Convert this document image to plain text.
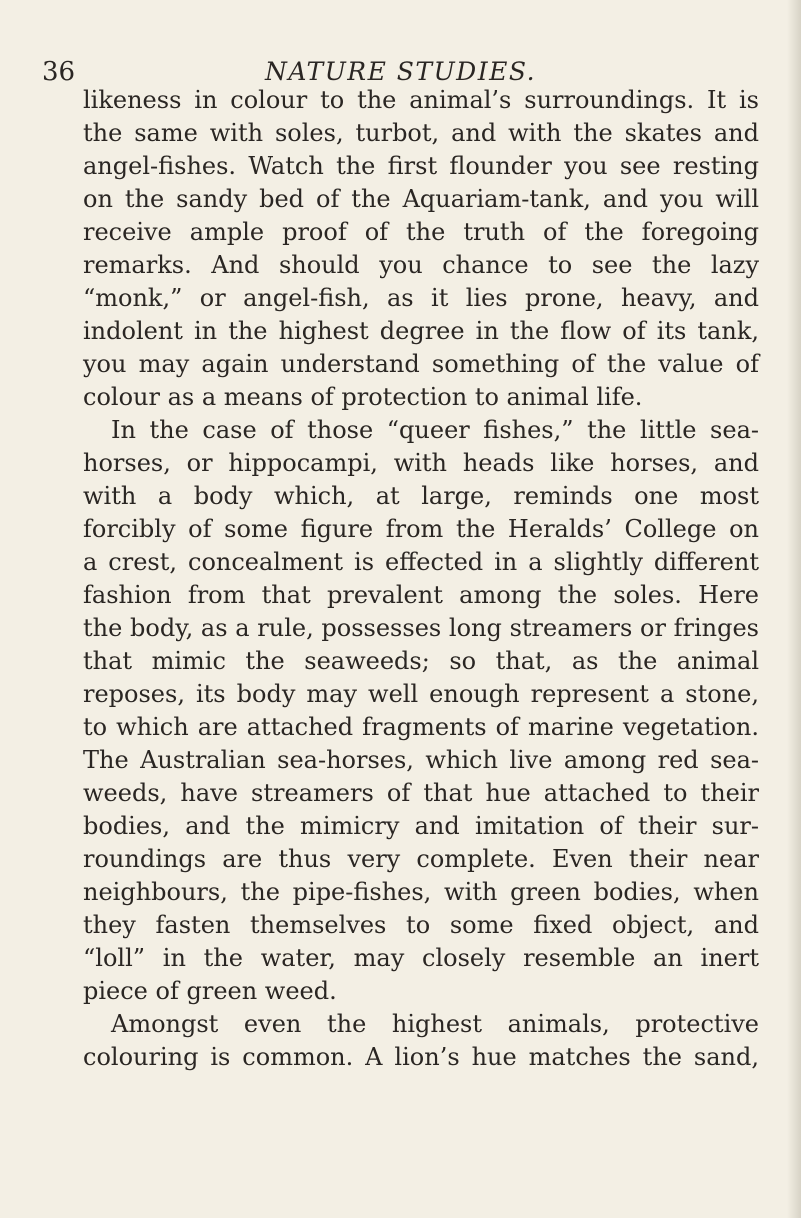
36	NATURE STUDIES.
likeness in colour to the animal’s surroundings. It is
the same with soles, turbot, and with the skates and
angel-fishes. Watch the first flounder you see resting
on the sandy bed of the Aquariam-tank, and you will
receive ample proof of the truth of the foregoing
remarks. And should you chance to see the lazy
“monk,” or angel-fish, as it lies prone, heavy, and
indolent in the highest degree in the flow of its tank,
you may again understand something of the value of
colour as a means of protection to animal life.
In the case of those “queer fishes,” the little sea-
horses, or hippocampi, with heads like horses, and
with a body which, at large, reminds one most
forcibly of some figure from the Heralds’ College on
a crest, concealment is effected in a slightly different
fashion from that prevalent among the soles. Here
the body, as a rule, possesses long streamers or fringes
that mimic the seaweeds; so that, as the animal
reposes, its body may well enough represent a stone,
to which are attached fragments of marine vegetation.
The Australian sea-horses, which live among red sea-
weeds, have streamers of that hue attached to their
bodies, and the mimicry and imitation of their sur-
roundings are thus very complete. Even their near
neighbours, the pipe-fishes, with green bodies, when
they fasten themselves to some fixed object, and
“loll” in the water, may closely resemble an inert
piece of green weed.
Amongst even the highest animals, protective
colouring is common. A lion’s hue matches the sand,
